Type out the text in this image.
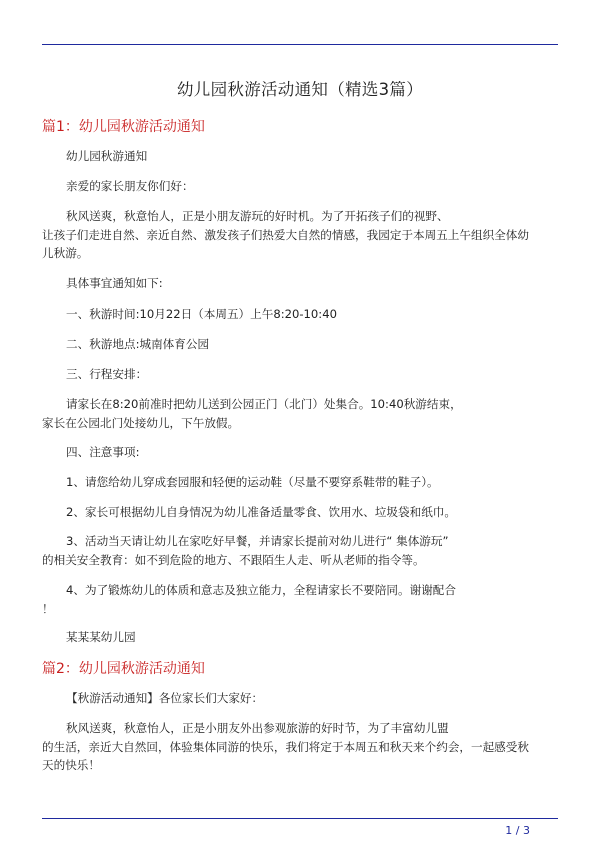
幼儿园秋游活动通知（精选3篇）
篇1：幼儿园秋游活动通知
幼儿园秋游通知
亲爱的家长朋友你们好：
秋风送爽，秋意怡人，正是小朋友游玩的好时机。为了开拓孩子们的视野、
让孩子们走进自然、亲近自然、激发孩子们热爱大自然的情感，我园定于本周五上午组织全体幼
儿秋游。
具体事宜通知如下:
一、秋游时间:10月22日（本周五）上午8:20-10:40
二、秋游地点:城南体育公园
三、行程安排：
请家长在8:20前准时把幼儿送到公园正门（北门）处集合。10:40秋游结束，
家长在公园北门处接幼儿，下午放假。
四、注意事项:
1、请您给幼儿穿成套园服和轻便的运动鞋（尽量不要穿系鞋带的鞋子）。
2、家长可根据幼儿自身情况为幼儿准备适量零食、饮用水、垃圾袋和纸巾。
3、活动当天请让幼儿在家吃好早餐，并请家长提前对幼儿进行“ 集体游玩”
的相关安全教育：如不到危险的地方、不跟陌生人走、听从老师的指令等。
4、为了锻炼幼儿的体质和意志及独立能力，全程请家长不要陪同。谢谢配合
！
某某某幼儿园
篇2：幼儿园秋游活动通知
【秋游活动通知】各位家长们大家好：
秋风送爽，秋意怡人，正是小朋友外出参观旅游的好时节，为了丰富幼儿盟
的生活，亲近大自然回，体验集体同游的快乐，我们将定于本周五和秋天来个约会，一起感受秋
天的快乐！
1 / 3
